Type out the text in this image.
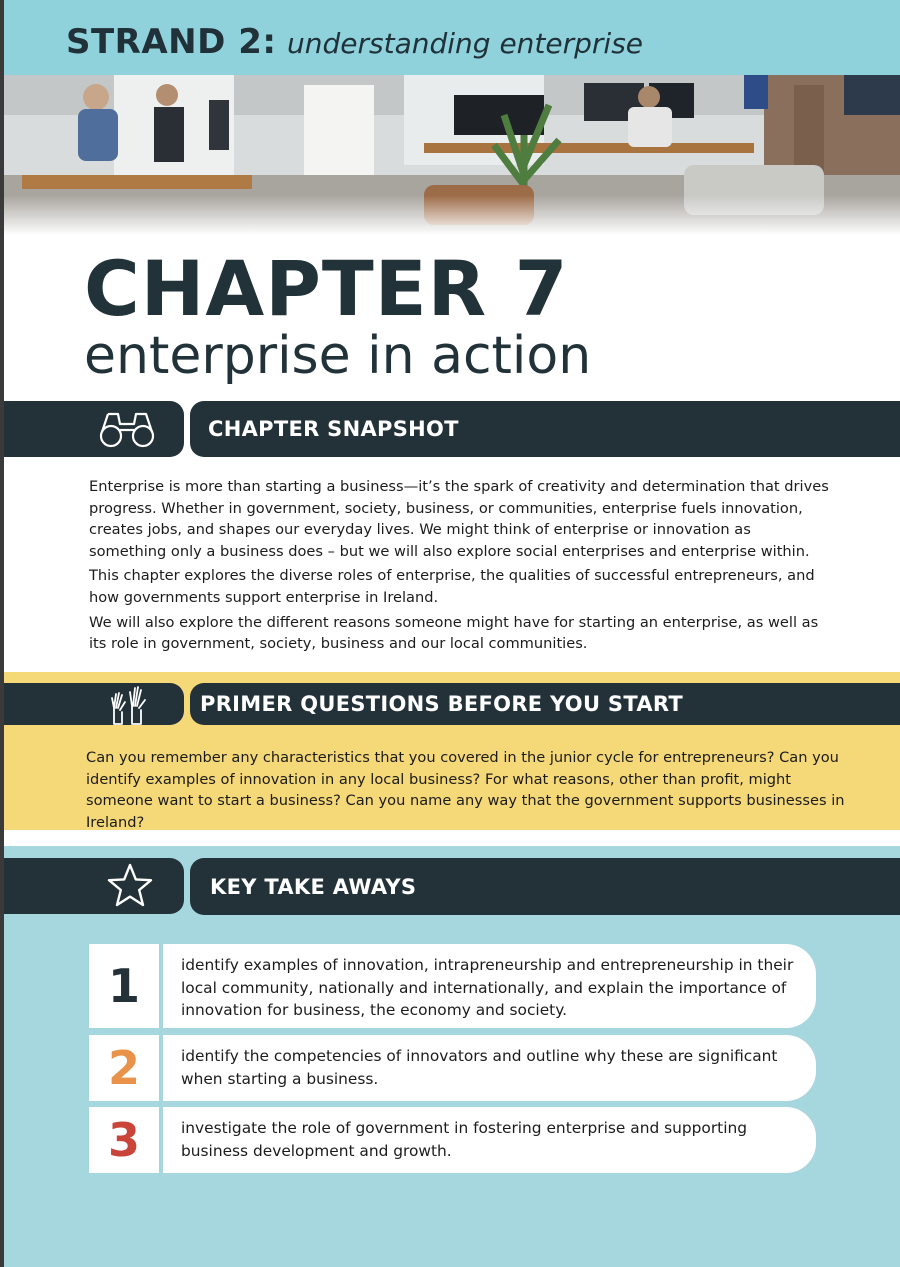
STRAND 2: understanding enterprise
CHAPTER 7
enterprise in action
CHAPTER SNAPSHOT

Enterprise is more than starting a business—it’s the spark of creativity and determination that drives progress. Whether in government, society, business, or communities, enterprise fuels innovation, creates jobs, and shapes our everyday lives. We might think of enterprise or innovation as something only a business does – but we will also explore social enterprises and enterprise within.

This chapter explores the diverse roles of enterprise, the qualities of successful entrepreneurs, and how governments support enterprise in Ireland.

We will also explore the different reasons someone might have for starting an enterprise, as well as its role in government, society, business and our local communities.

PRIMER QUESTIONS BEFORE YOU START
Can you remember any characteristics that you covered in the junior cycle for entrepreneurs? Can you identify examples of innovation in any local business? For what reasons, other than profit, might someone want to start a business? Can you name any way that the government supports businesses in Ireland?
KEY TAKE AWAYS
1	identify examples of innovation, intrapreneurship and entrepreneurship in their local community, nationally and internationally, and explain the importance of innovation for business, the economy and society.
2	identify the competencies of innovators and outline why these are significant when starting a business.
3	investigate the role of government in fostering enterprise and supporting business development and growth.
